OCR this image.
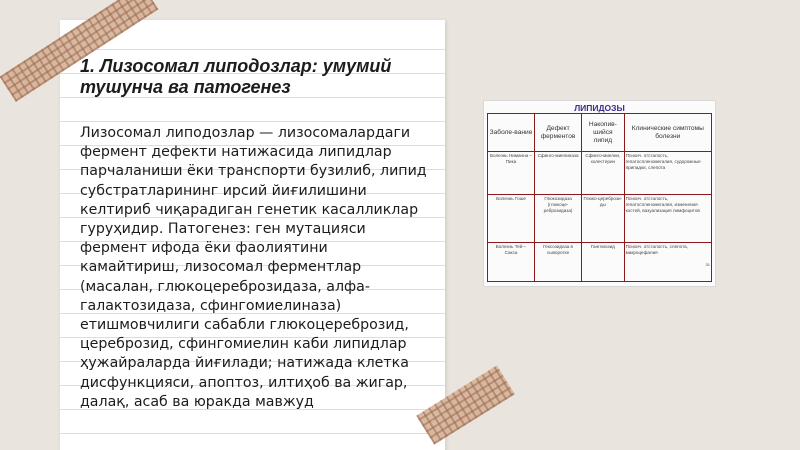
1. Лизосомал липодозлар: умумий тушунча ва патогенез

Лизосомал липодозлар — лизосомалардаги фермент дефекти натижасида липидлар парчаланиши ёки транспорти бузилиб, липид субстратларининг ирсий йиғилишини келтириб чиқарадиган генетик касалликлар гуруҳидир. Патогенез: ген мутацияси фермент ифода ёки фаолиятини камайтириш, лизосомал ферментлар (масалан, глюкоцереброзидаза, алфа-галактозидаза, сфингомиелиназа) етишмовчилиги сабабли глюкоцереброзид, цереброзид, сфингомиелин каби липидлар ҳужайраларда йиғилади; натижада клетка дисфункцияси, апоптоз, илтиҳоб ва жигар, далақ, асаб ва юракда мавжуд

ЛИПИДОЗЫ
Заболе-вание	Дефект ферментов	Накопив-шийся липид	Клинические симптомы болезни
Болезнь Ниманна – Пика	Сфинго-миелиназа	Сфинго-миелин, холестерин	Психич. отсталость, гепатоспленомегалия, судорожные припадки, слепота
Болезнь Гоше	Глюкозидаза (глюкоце-реброзидаза)	Глюко-церебрози-ды	Психич. отсталость, гепатоспленомегалия, изменения костей, вазуализация лимфоцитов
Болезнь Тей – Сакса	Гексозидаза в сыворотке	Ганглиозид	Психич. отсталость, слепота, макроцефалия
31
